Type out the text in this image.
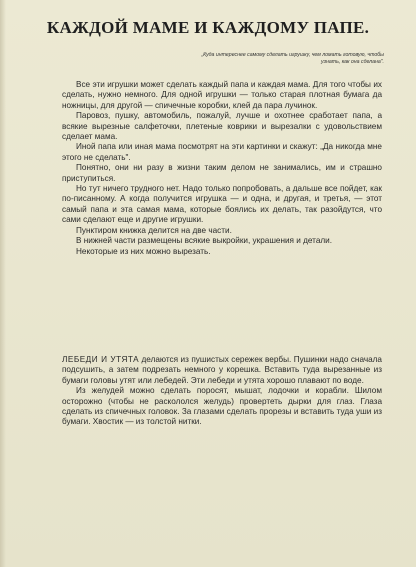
КАЖДОЙ МАМЕ И КАЖДОМУ ПАПЕ.
„Куда интереснее самому сделать игрушку, чем ломать готовую, чтобы узнать, как она сделана".

Все эти игрушки может сделать каждый папа и каждая мама. Для того чтобы их сделать, нужно немного. Для одной игрушки — только старая плотная бумага да ножницы, для другой — спичечные коробки, клей да пара лучинок.

Паровоз, пушку, автомобиль, пожалуй, лучше и охотнее сработает папа, а всякие вырезные салфеточки, плетеные коврики и вырезалки с удовольствием сделает мама.

Иной папа или иная мама посмотрят на эти картинки и скажут: „Да никогда мне этого не сделать".

Понятно, они ни разу в жизни таким делом не занимались, им и страшно приступиться.

Но тут ничего трудного нет. Надо только попробовать, а дальше все пойдет, как по-писанному. А когда получится игрушка — и одна, и другая, и третья, — этот самый папа и эта самая мама, которые боялись их делать, так разойдутся, что сами сделают еще и другие игрушки.

Пунктиром книжка делится на две части.

В нижней части размещены всякие выкройки, украшения и детали.

Некоторые из них можно вырезать.

ЛЕБЕДИ И УТЯТА делаются из пушистых сережек вербы. Пушинки надо сначала подсушить, а затем подрезать немного у корешка. Вставить туда вырезанные из бумаги головы утят или лебедей. Эти лебеди и утята хорошо плавают по воде.

Из желудей можно сделать поросят, мышат, лодочки и корабли. Шилом осторожно (чтобы не раскололся желудь) провертеть дырки для глаз. Глаза сделать из спичечных головок. За глазами сделать прорезы и вставить туда уши из бумаги. Хвостик — из толстой нитки.
